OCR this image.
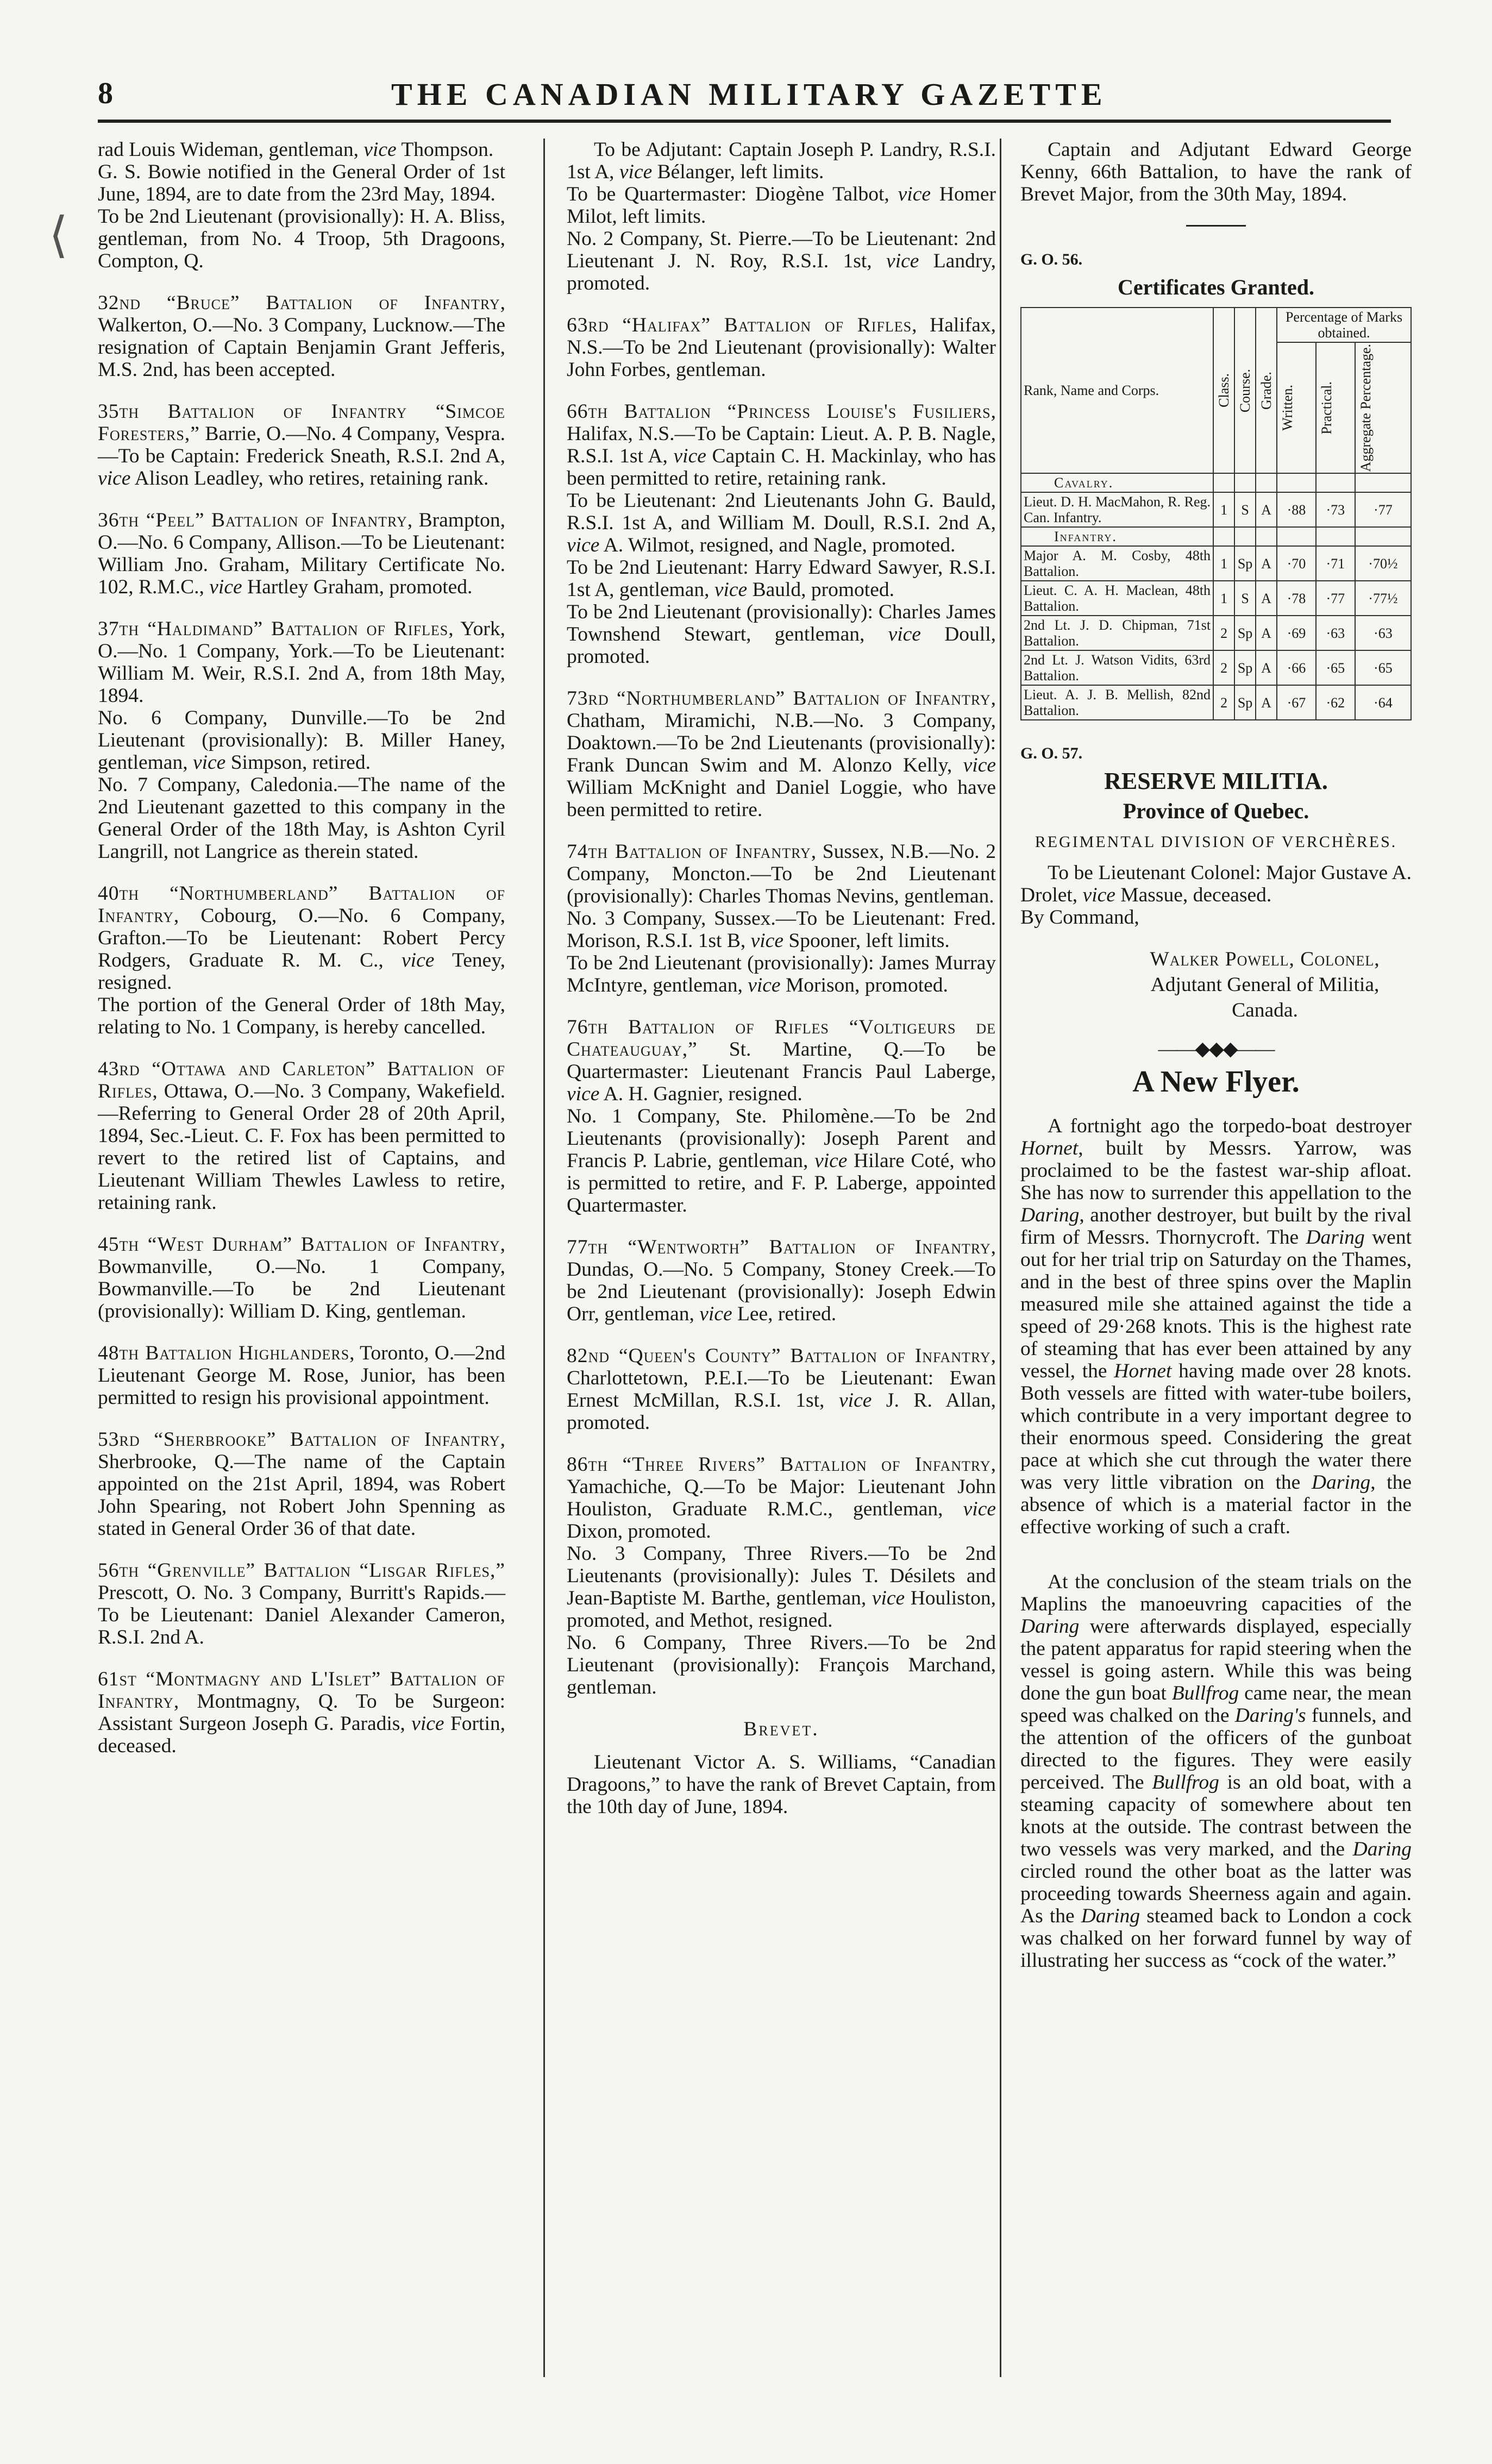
⟨
8	THE CANADIAN MILITARY GAZETTE

rad Louis Wideman, gentleman, vice Thompson.

G. S. Bowie notified in the General Order of 1st June, 1894, are to date from the 23rd May, 1894.

To be 2nd Lieutenant (provisionally): H. A. Bliss, gentleman, from No. 4 Troop, 5th Dragoons, Compton, Q.

32nd “Bruce” Battalion of Infantry, Walkerton, O.—No. 3 Company, Lucknow.—The resignation of Captain Benjamin Grant Jefferis, M.S. 2nd, has been accepted.

35th Battalion of Infantry “Simcoe Foresters,” Barrie, O.—No. 4 Company, Vespra.—To be Captain: Frederick Sneath, R.S.I. 2nd A, vice Alison Leadley, who retires, retaining rank.

36th “Peel” Battalion of Infantry, Brampton, O.—No. 6 Company, Allison.—To be Lieutenant: William Jno. Graham, Military Certificate No. 102, R.M.C., vice Hartley Graham, promoted.

37th “Haldimand” Battalion of Rifles, York, O.—No. 1 Company, York.—To be Lieutenant: William M. Weir, R.S.I. 2nd A, from 18th May, 1894.

No. 6 Company, Dunville.—To be 2nd Lieutenant (provisionally): B. Miller Haney, gentleman, vice Simpson, retired.

No. 7 Company, Caledonia.—The name of the 2nd Lieutenant gazetted to this company in the General Order of the 18th May, is Ashton Cyril Langrill, not Langrice as therein stated.

40th “Northumberland” Battalion of Infantry, Cobourg, O.—No. 6 Company, Grafton.—To be Lieutenant: Robert Percy Rodgers, Graduate R. M. C., vice Teney, resigned.

The portion of the General Order of 18th May, relating to No. 1 Company, is hereby cancelled.

43rd “Ottawa and Carleton” Battalion of Rifles, Ottawa, O.—No. 3 Company, Wakefield.—Referring to General Order 28 of 20th April, 1894, Sec.-Lieut. C. F. Fox has been permitted to revert to the retired list of Captains, and Lieutenant William Thewles Lawless to retire, retaining rank.

45th “West Durham” Battalion of Infantry, Bowmanville, O.—No. 1 Company, Bowmanville.—To be 2nd Lieutenant (provisionally): William D. King, gentleman.

48th Battalion Highlanders, Toronto, O.—2nd Lieutenant George M. Rose, Junior, has been permitted to resign his provisional appointment.

53rd “Sherbrooke” Battalion of Infantry, Sherbrooke, Q.—The name of the Captain appointed on the 21st April, 1894, was Robert John Spearing, not Robert John Spenning as stated in General Order 36 of that date.

56th “Grenville” Battalion “Lisgar Rifles,” Prescott, O. No. 3 Company, Burritt's Rapids.—To be Lieutenant: Daniel Alexander Cameron, R.S.I. 2nd A.

61st “Montmagny and L'Islet” Battalion of Infantry, Montmagny, Q. To be Surgeon: Assistant Surgeon Joseph G. Paradis, vice Fortin, deceased.

To be Adjutant: Captain Joseph P. Landry, R.S.I. 1st A, vice Bélanger, left limits.

To be Quartermaster: Diogène Talbot, vice Homer Milot, left limits.

No. 2 Company, St. Pierre.—To be Lieutenant: 2nd Lieutenant J. N. Roy, R.S.I. 1st, vice Landry, promoted.

63rd “Halifax” Battalion of Rifles, Halifax, N.S.—To be 2nd Lieutenant (provisionally): Walter John Forbes, gentleman.

66th Battalion “Princess Louise's Fusiliers, Halifax, N.S.—To be Captain: Lieut. A. P. B. Nagle, R.S.I. 1st A, vice Captain C. H. Mackinlay, who has been permitted to retire, retaining rank.

To be Lieutenant: 2nd Lieutenants John G. Bauld, R.S.I. 1st A, and William M. Doull, R.S.I. 2nd A, vice A. Wilmot, resigned, and Nagle, promoted.

To be 2nd Lieutenant: Harry Edward Sawyer, R.S.I. 1st A, gentleman, vice Bauld, promoted.

To be 2nd Lieutenant (provisionally): Charles James Townshend Stewart, gentleman, vice Doull, promoted.

73rd “Northumberland” Battalion of Infantry, Chatham, Miramichi, N.B.—No. 3 Company, Doaktown.—To be 2nd Lieutenants (provisionally): Frank Duncan Swim and M. Alonzo Kelly, vice William McKnight and Daniel Loggie, who have been permitted to retire.

74th Battalion of Infantry, Sussex, N.B.—No. 2 Company, Moncton.—To be 2nd Lieutenant (provisionally): Charles Thomas Nevins, gentleman.

No. 3 Company, Sussex.—To be Lieutenant: Fred. Morison, R.S.I. 1st B, vice Spooner, left limits.

To be 2nd Lieutenant (provisionally): James Murray McIntyre, gentleman, vice Morison, promoted.

76th Battalion of Rifles “Voltigeurs de Chateauguay,” St. Martine, Q.—To be Quartermaster: Lieutenant Francis Paul Laberge, vice A. H. Gagnier, resigned.

No. 1 Company, Ste. Philomène.—To be 2nd Lieutenants (provisionally): Joseph Parent and Francis P. Labrie, gentleman, vice Hilare Coté, who is permitted to retire, and F. P. Laberge, appointed Quartermaster.

77th “Wentworth” Battalion of Infantry, Dundas, O.—No. 5 Company, Stoney Creek.—To be 2nd Lieutenant (provisionally): Joseph Edwin Orr, gentleman, vice Lee, retired.

82nd “Queen's County” Battalion of Infantry, Charlottetown, P.E.I.—To be Lieutenant: Ewan Ernest McMillan, R.S.I. 1st, vice J. R. Allan, promoted.

86th “Three Rivers” Battalion of Infantry, Yamachiche, Q.—To be Major: Lieutenant John Houliston, Graduate R.M.C., gentleman, vice Dixon, promoted.

No. 3 Company, Three Rivers.—To be 2nd Lieutenants (provisionally): Jules T. Désilets and Jean-Baptiste M. Barthe, gentleman, vice Houliston, promoted, and Methot, resigned.

No. 6 Company, Three Rivers.—To be 2nd Lieutenant (provisionally): François Marchand, gentleman.

Brevet.

Lieutenant Victor A. S. Williams, “Canadian Dragoons,” to have the rank of Brevet Captain, from the 10th day of June, 1894.

Captain and Adjutant Edward George Kenny, 66th Battalion, to have the rank of Brevet Major, from the 30th May, 1894.

G. O. 56.
Certificates Granted.
Rank, Name and Corps.	Class.	Course.	Grade.	Percentage of Marks obtained.		

				Written.	Practical.	Aggregate Percentage.

Cavalry.						
Lieut. D. H. MacMahon, R. Reg. Can. Infantry.	1	S	A	·88	·73	·77
Infantry.						
Major A. M. Cosby, 48th Battalion.	1	Sp	A	·70	·71	·70½
Lieut. C. A. H. Maclean, 48th Battalion.	1	S	A	·78	·77	·77½
2nd Lt. J. D. Chipman, 71st Battalion.	2	Sp	A	·69	·63	·63
2nd Lt. J. Watson Vidits, 63rd Battalion.	2	Sp	A	·66	·65	·65
Lieut. A. J. B. Mellish, 82nd Battalion.	2	Sp	A	·67	·62	·64
G. O. 57.
RESERVE MILITIA.
Province of Quebec.
REGIMENTAL DIVISION OF VERCHÈRES.

To be Lieutenant Colonel: Major Gustave A. Drolet, vice Massue, deceased.

By Command,

Walker Powell, Colonel,
Adjutant General of Militia,
Canada.
——◆◆◆——
A New Flyer.

A fortnight ago the torpedo-boat destroyer Hornet, built by Messrs. Yarrow, was proclaimed to be the fastest war-ship afloat. She has now to surrender this appellation to the Daring, another destroyer, but built by the rival firm of Messrs. Thornycroft. The Daring went out for her trial trip on Saturday on the Thames, and in the best of three spins over the Maplin measured mile she attained against the tide a speed of 29·268 knots. This is the highest rate of steaming that has ever been attained by any vessel, the Hornet having made over 28 knots. Both vessels are fitted with water-tube boilers, which contribute in a very important degree to their enormous speed. Considering the great pace at which she cut through the water there was very little vibration on the Daring, the absence of which is a material factor in the effective working of such a craft.

At the conclusion of the steam trials on the Maplins the manoeuvring capacities of the Daring were afterwards displayed, especially the patent apparatus for rapid steering when the vessel is going astern. While this was being done the gun boat Bullfrog came near, the mean speed was chalked on the Daring's funnels, and the attention of the officers of the gunboat directed to the figures. They were easily perceived. The Bullfrog is an old boat, with a steaming capacity of somewhere about ten knots at the outside. The contrast between the two vessels was very marked, and the Daring circled round the other boat as the latter was proceeding towards Sheerness again and again. As the Daring steamed back to London a cock was chalked on her forward funnel by way of illustrating her success as “cock of the water.”
